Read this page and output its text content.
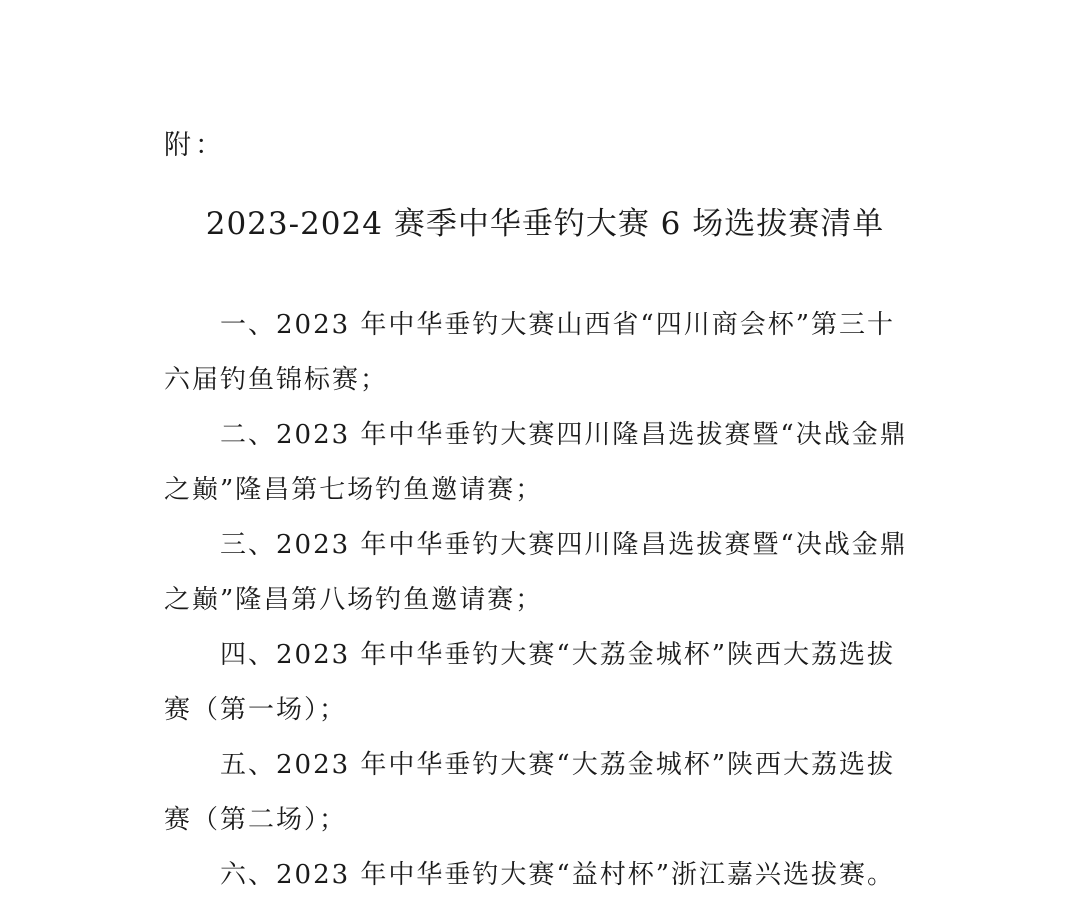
附：
2023-2024 赛季中华垂钓大赛 6 场选拔赛清单
一、2023 年中华垂钓大赛山西省“四川商会杯”第三十
六届钓鱼锦标赛；
二、2023 年中华垂钓大赛四川隆昌选拔赛暨“决战金鼎
之巅”隆昌第七场钓鱼邀请赛；
三、2023 年中华垂钓大赛四川隆昌选拔赛暨“决战金鼎
之巅”隆昌第八场钓鱼邀请赛；
四、2023 年中华垂钓大赛“大荔金城杯”陕西大荔选拔
赛（第一场）；
五、2023 年中华垂钓大赛“大荔金城杯”陕西大荔选拔
赛（第二场）；
六、2023 年中华垂钓大赛“益村杯”浙江嘉兴选拔赛。
